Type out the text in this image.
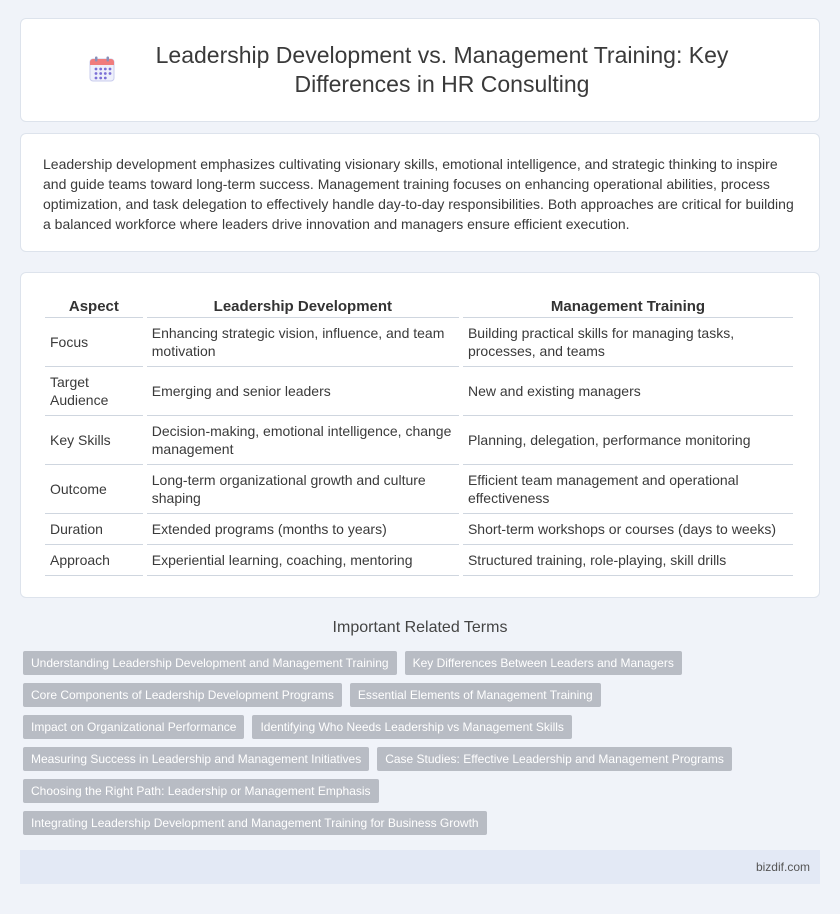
Leadership Development vs. Management Training: Key Differences in HR Consulting

Leadership development emphasizes cultivating visionary skills, emotional intelligence, and strategic thinking to inspire and guide teams toward long-term success. Management training focuses on enhancing operational abilities, process optimization, and task delegation to effectively handle day-to-day responsibilities. Both approaches are critical for building a balanced workforce where leaders drive innovation and managers ensure efficient execution.

Aspect	Leadership Development	Management Training
Focus	Enhancing strategic vision, influence, and team motivation	Building practical skills for managing tasks, processes, and teams
Target Audience	Emerging and senior leaders	New and existing managers
Key Skills	Decision-making, emotional intelligence, change management	Planning, delegation, performance monitoring
Outcome	Long-term organizational growth and culture shaping	Efficient team management and operational effectiveness
Duration	Extended programs (months to years)	Short-term workshops or courses (days to weeks)
Approach	Experiential learning, coaching, mentoring	Structured training, role-playing, skill drills
Important Related Terms
Understanding Leadership Development and Management Training	Key Differences Between Leaders and Managers
Core Components of Leadership Development Programs	Essential Elements of Management Training
Impact on Organizational Performance	Identifying Who Needs Leadership vs Management Skills
Measuring Success in Leadership and Management Initiatives	Case Studies: Effective Leadership and Management Programs
Choosing the Right Path: Leadership or Management Emphasis
Integrating Leadership Development and Management Training for Business Growth
bizdif.com
